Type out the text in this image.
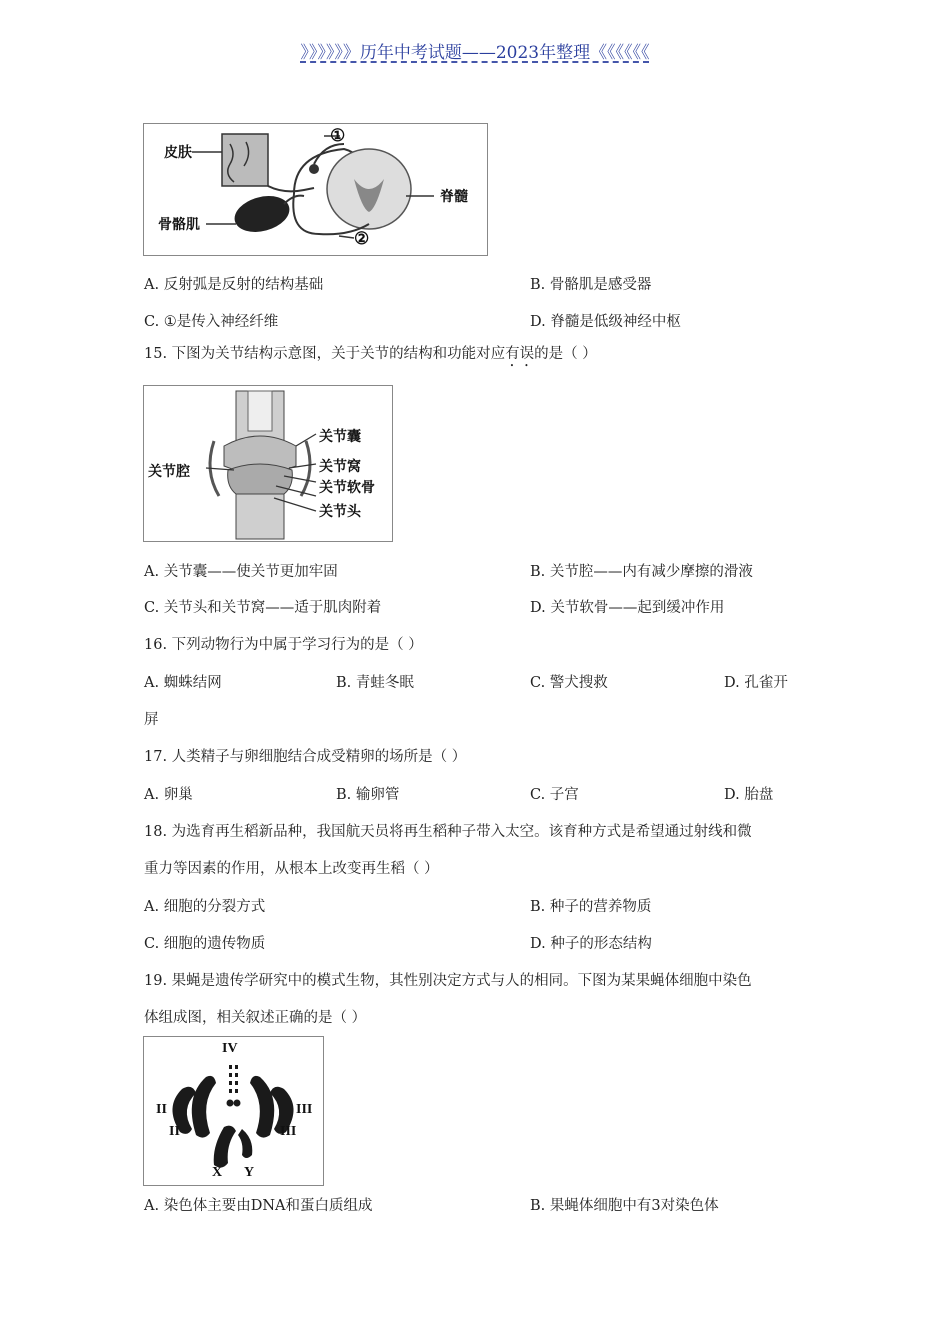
》》》》》》历年中考试题——2023年整理《《《《《《
皮肤
骨骼肌
脊髓
①
②
A. 反射弧是反射的结构基础	B. 骨骼肌是感受器
C. ①是传入神经纤维	D. 脊髓是低级神经中枢
15. 下图为关节结构示意图，关于关节的结构和功能对应有误的是（ ）
关节囊
关节腔	关节窝
关节软骨
关节头
A. 关节囊——使关节更加牢固	B. 关节腔——内有减少摩擦的滑液
C. 关节头和关节窝——适于肌肉附着	D. 关节软骨——起到缓冲作用
16. 下列动物行为中属于学习行为的是（ ）
A. 蜘蛛结网	B. 青蛙冬眠	C. 警犬搜救	D. 孔雀开
屏
17. 人类精子与卵细胞结合成受精卵的场所是（ ）
A. 卵巢	B. 输卵管	C. 子宫	D. 胎盘
18. 为选育再生稻新品种，我国航天员将再生稻种子带入太空。该育种方式是希望通过射线和微
重力等因素的作用，从根本上改变再生稻（ ）
A. 细胞的分裂方式	B. 种子的营养物质
C. 细胞的遗传物质	D. 种子的形态结构
19. 果蝇是遗传学研究中的模式生物，其性别决定方式与人的相同。下图为某果蝇体细胞中染色
体组成图，相关叙述正确的是（ ）
IV
II
II
III
III
X Y
A. 染色体主要由DNA和蛋白质组成	B. 果蝇体细胞中有3对染色体
